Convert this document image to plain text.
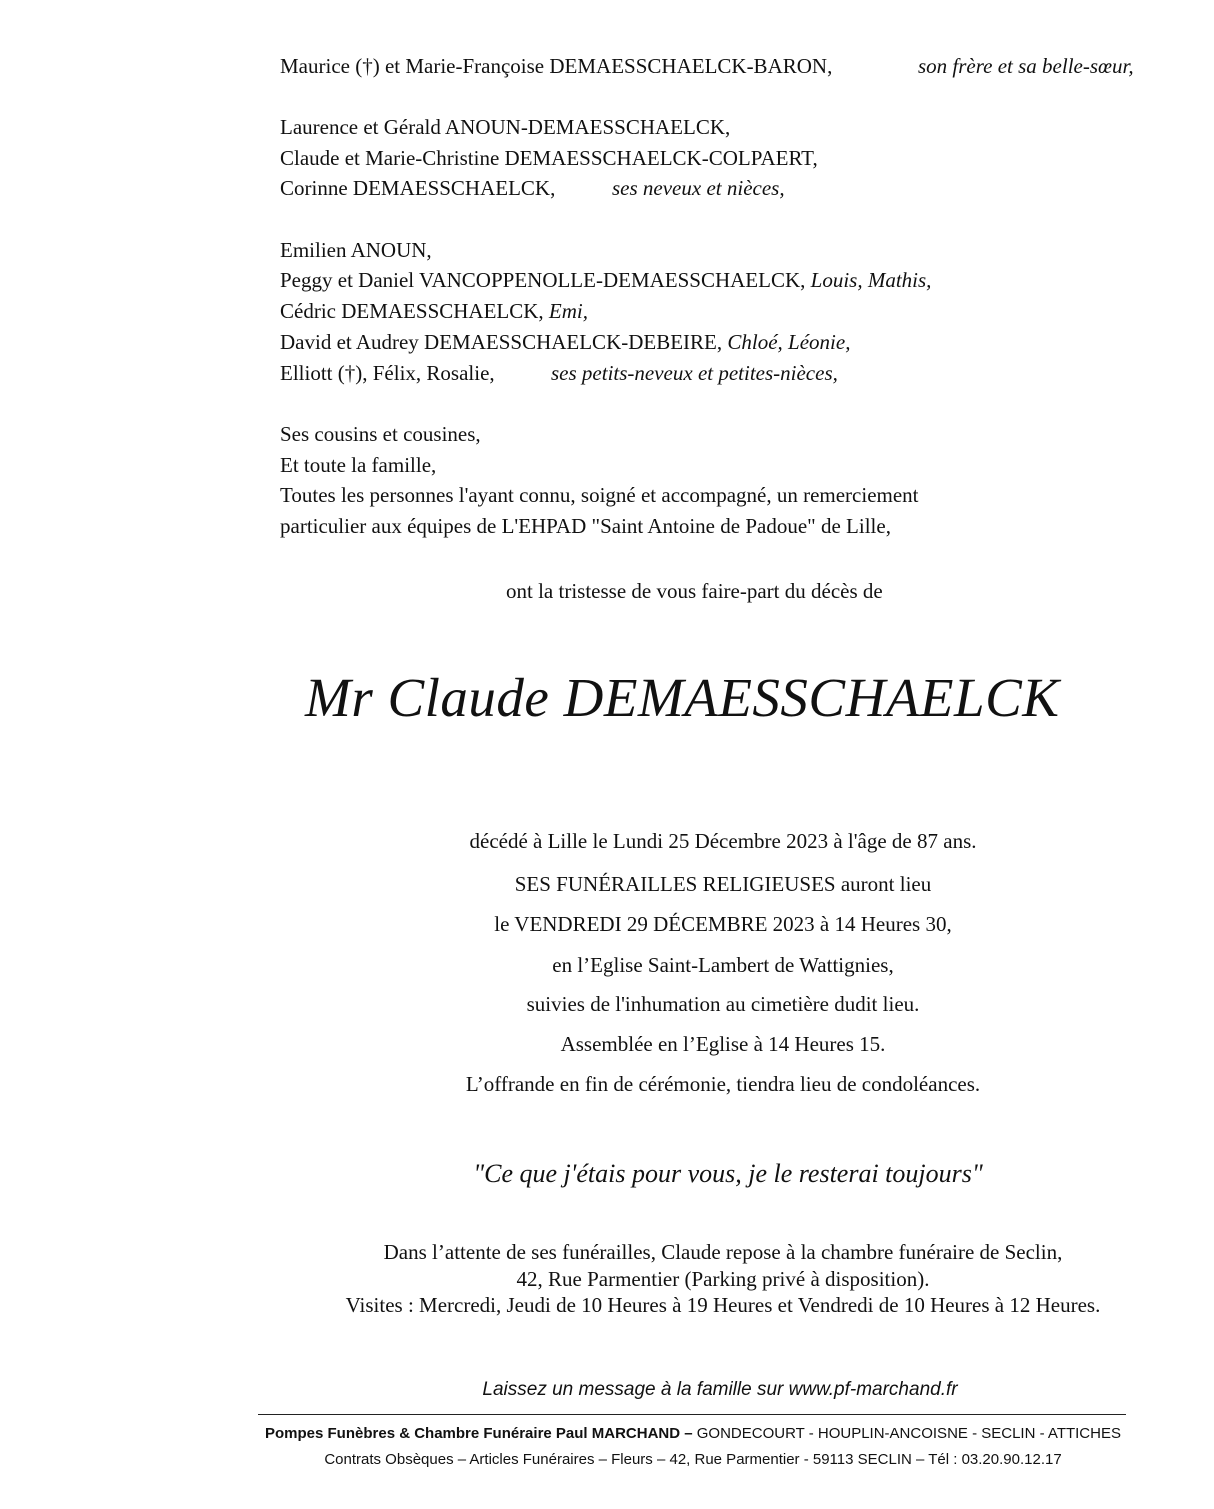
Maurice (†) et Marie-Françoise DEMAESSCHAELCK-BARON,	son frère et sa belle-sœur,
Laurence et Gérald ANOUN-DEMAESSCHAELCK,
Claude et Marie-Christine DEMAESSCHAELCK-COLPAERT,
Corinne DEMAESSCHAELCK,	ses neveux et nièces,
Emilien ANOUN,
Peggy et Daniel VANCOPPENOLLE-DEMAESSCHAELCK, Louis, Mathis,
Cédric DEMAESSCHAELCK, Emi,
David et Audrey DEMAESSCHAELCK-DEBEIRE, Chloé, Léonie,
Elliott (†), Félix, Rosalie,	ses petits-neveux et petites-nièces,
Ses cousins et cousines,
Et toute la famille,
Toutes les personnes l'ayant connu, soigné et accompagné, un remerciement
particulier aux équipes de L'EHPAD "Saint Antoine de Padoue" de Lille,
ont la tristesse de vous faire-part du décès de
Mr Claude DEMAESSCHAELCK
décédé à Lille le Lundi 25 Décembre 2023 à l'âge de 87 ans.
SES FUNÉRAILLES RELIGIEUSES auront lieu
le VENDREDI 29 DÉCEMBRE 2023 à 14 Heures 30,
en l’Eglise Saint-Lambert de Wattignies,
suivies de l'inhumation au cimetière dudit lieu.
Assemblée en l’Eglise à 14 Heures 15.
L’offrande en fin de cérémonie, tiendra lieu de condoléances.
"Ce que j'étais pour vous, je le resterai toujours"
Dans l’attente de ses funérailles, Claude repose à la chambre funéraire de Seclin,
42, Rue Parmentier (Parking privé à disposition).
Visites : Mercredi, Jeudi de 10 Heures à 19 Heures et Vendredi de 10 Heures à 12 Heures.
Laissez un message à la famille sur www.pf-marchand.fr
Pompes Funèbres & Chambre Funéraire Paul MARCHAND – GONDECOURT - HOUPLIN-ANCOISNE - SECLIN - ATTICHES
Contrats Obsèques – Articles Funéraires – Fleurs – 42, Rue Parmentier - 59113 SECLIN – Tél : 03.20.90.12.17
